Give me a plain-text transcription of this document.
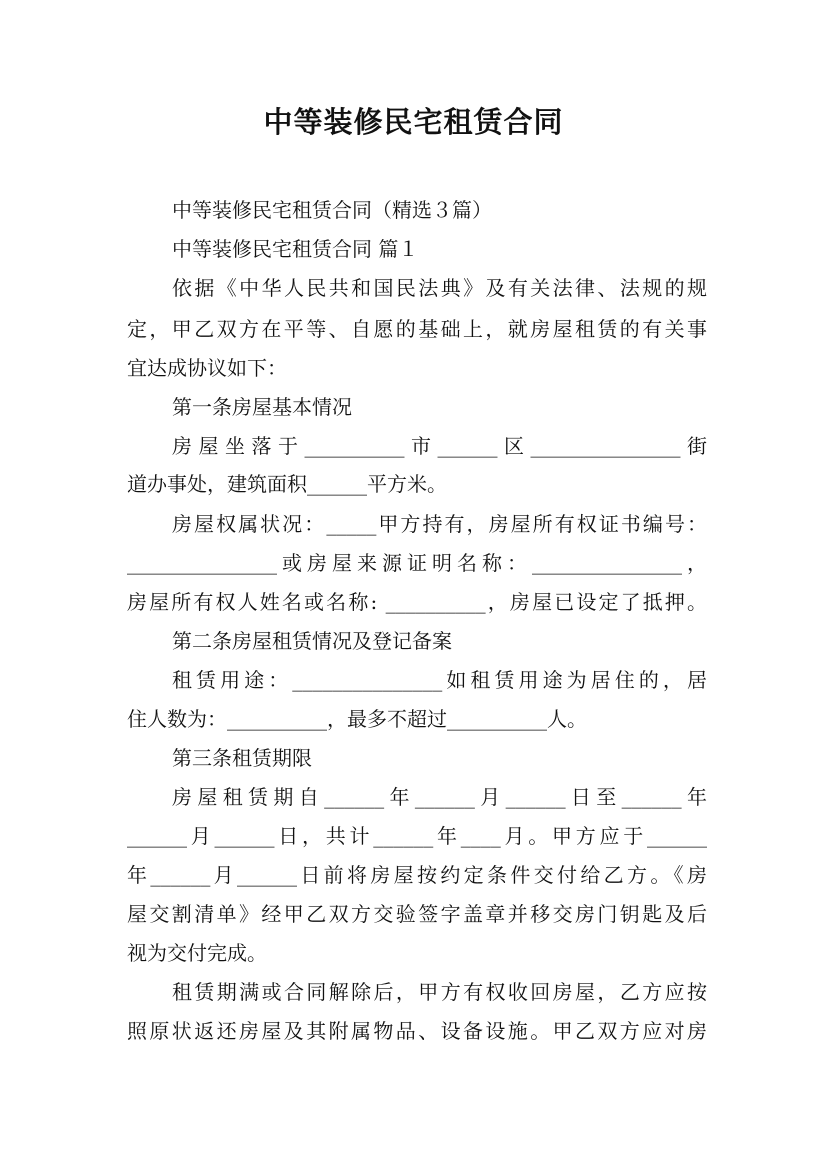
中等装修民宅租赁合同
中等装修民宅租赁合同（精选３篇）
中等装修民宅租赁合同 篇１
依据《中华人民共和国民法典》及有关法律、法规的规
定，甲乙双方在平等、自愿的基础上，就房屋租赁的有关事
宜达成协议如下：
第一条房屋基本情况
房屋坐落于__________市______区_______________街
道办事处，建筑面积______平方米。
房屋权属状况：_____甲方持有，房屋所有权证书编号：
_______________或房屋来源证明名称：_______________，
房屋所有权人姓名或名称: __________，房屋已设定了抵押。
第二条房屋租赁情况及登记备案
租赁用途：_______________如租赁用途为居住的，居
住人数为：__________，最多不超过__________人。
第三条租赁期限
房屋租赁期自______年______月______日至______年
______月______日，共计______年____月。甲方应于______
年______月______日前将房屋按约定条件交付给乙方。《房
屋交割清单》经甲乙双方交验签字盖章并移交房门钥匙及后
视为交付完成。
租赁期满或合同解除后，甲方有权收回房屋，乙方应按
照原状返还房屋及其附属物品、设备设施。甲乙双方应对房
